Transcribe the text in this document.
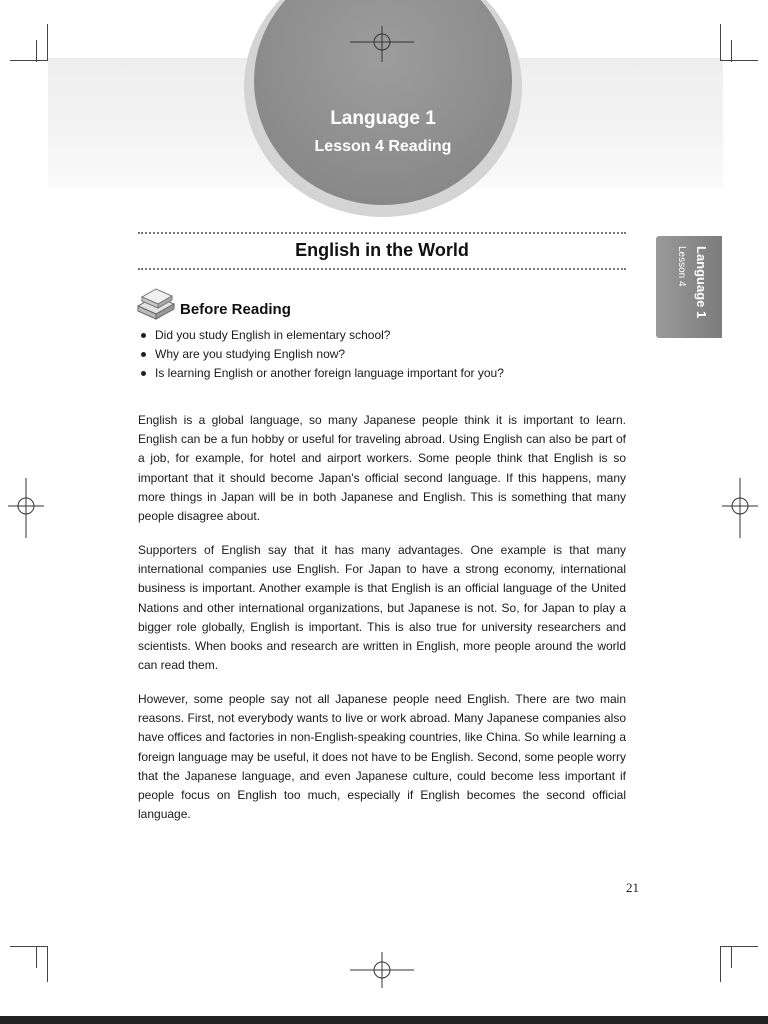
Language 1
Lesson 4 Reading
Language 1
Lesson 4
English in the World
Before Reading
Did you study English in elementary school?
Why are you studying English now?
Is learning English or another foreign language important for you?

English is a global language, so many Japanese people think it is important to learn. English can be a fun hobby or useful for traveling abroad. Using English can also be part of a job, for example, for hotel and airport workers. Some people think that English is so important that it should become Japan's official second language. If this happens, many more things in Japan will be in both Japanese and English. This is something that many people disagree about.

Supporters of English say that it has many advantages. One example is that many international companies use English. For Japan to have a strong economy, international business is important. Another example is that English is an official language of the United Nations and other international organizations, but Japanese is not. So, for Japan to play a bigger role globally, English is important. This is also true for university researchers and scientists. When books and research are written in English, more people around the world can read them.

However, some people say not all Japanese people need English. There are two main reasons. First, not everybody wants to live or work abroad. Many Japanese companies also have offices and factories in non-English-speaking countries, like China. So while learning a foreign language may be useful, it does not have to be English. Second, some people worry that the Japanese language, and even Japanese culture, could become less important if people focus on English too much, especially if English becomes the second official language.

21
